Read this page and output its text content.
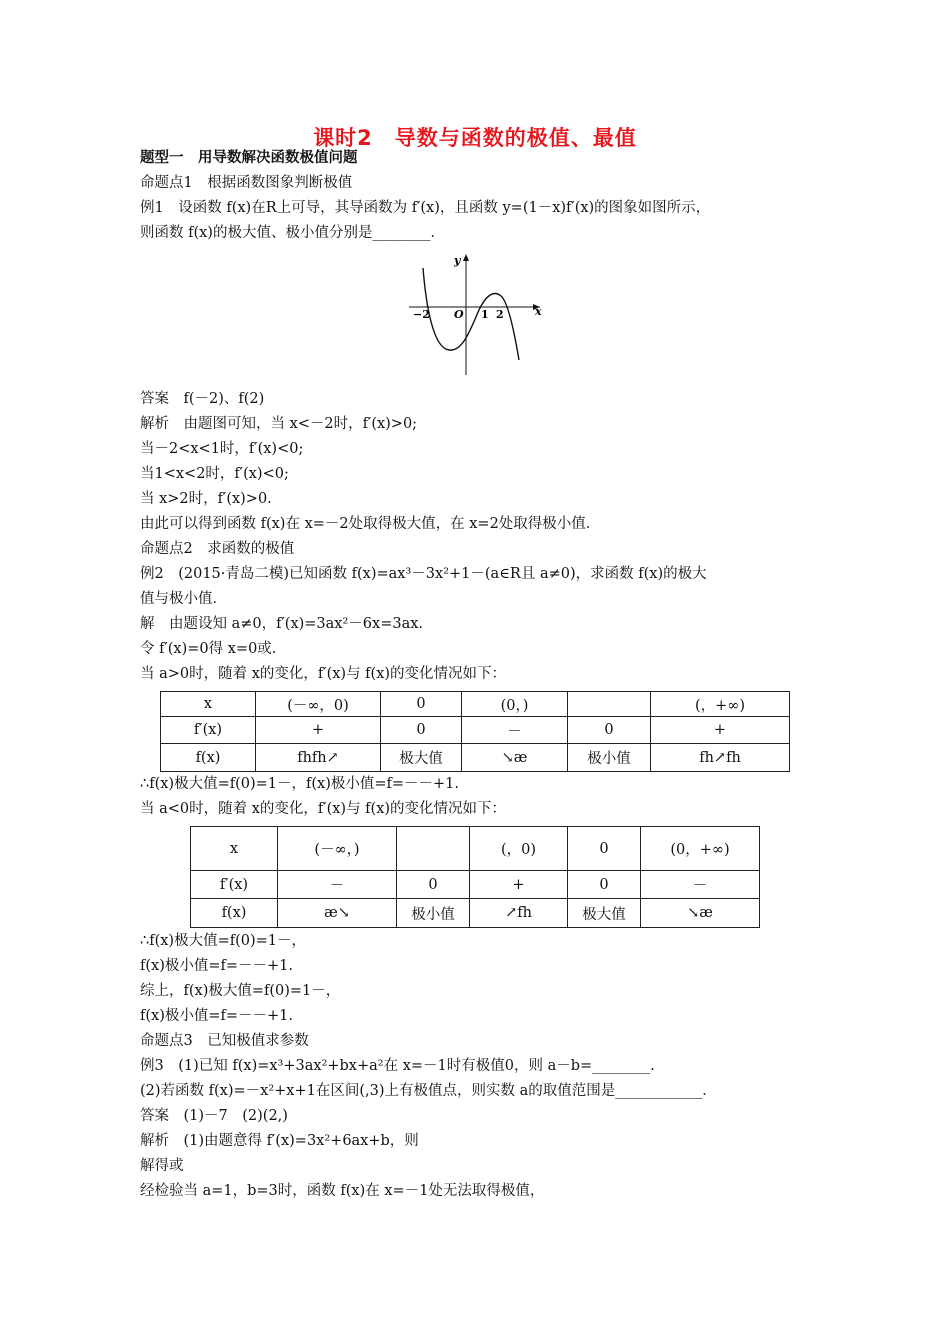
课时2　导数与函数的极值、最值
题型一　用导数解决函数极值问题
命题点1　根据函数图象判断极值
例1　设函数 f(x)在R上可导，其导函数为 f′(x)，且函数 y=(1－x)f′(x)的图象如图所示，
则函数 f(x)的极大值、极小值分别是________．
x
y
O
−2	1 2
答案　f(－2)、f(2)
解析　由题图可知，当 x<－2时，f′(x)>0;
当－2<x<1时，f′(x)<0;
当1<x<2时，f′(x)<0;
当 x>2时，f′(x)>0.
由此可以得到函数 f(x)在 x=－2处取得极大值，在 x=2处取得极小值．
命题点2　求函数的极值
例2　(2015·青岛二模)已知函数 f(x)=ax³－3x²+1－(a∈R且 a≠0)，求函数 f(x)的极大
值与极小值．
解　由题设知 a≠0，f′(x)=3ax²－6x=3ax.
令 f′(x)=0得 x=0或.
当 a>0时，随着 x的变化，f′(x)与 f(x)的变化情况如下：
x	(－∞，0)	0	(0，)		(，+∞)
f′(x)	+	0	－	0	+
f(x)	fhfh↗	极大值	↘æ	极小值	fh↗fh
∴f(x)极大值=f(0)=1－，f(x)极小值=f=－－+1.
当 a<0时，随着 x的变化，f′(x)与 f(x)的变化情况如下：
x	(－∞，)		(，0)	0	(0，+∞)
f′(x)	－	0	+	0	－
f(x)	æ↘	极小值	↗fh	极大值	↘æ
∴f(x)极大值=f(0)=1－，
f(x)极小值=f=－－+1.
综上，f(x)极大值=f(0)=1－，
f(x)极小值=f=－－+1.
命题点3　已知极值求参数
例3　(1)已知 f(x)=x³+3ax²+bx+a²在 x=－1时有极值0，则 a－b=________.
(2)若函数 f(x)=－x²+x+1在区间(,3)上有极值点，则实数 a的取值范围是____________．
答案　(1)－7　(2)(2,)
解析　(1)由题意得 f′(x)=3x²+6ax+b，则
解得或
经检验当 a=1，b=3时，函数 f(x)在 x=－1处无法取得极值，
